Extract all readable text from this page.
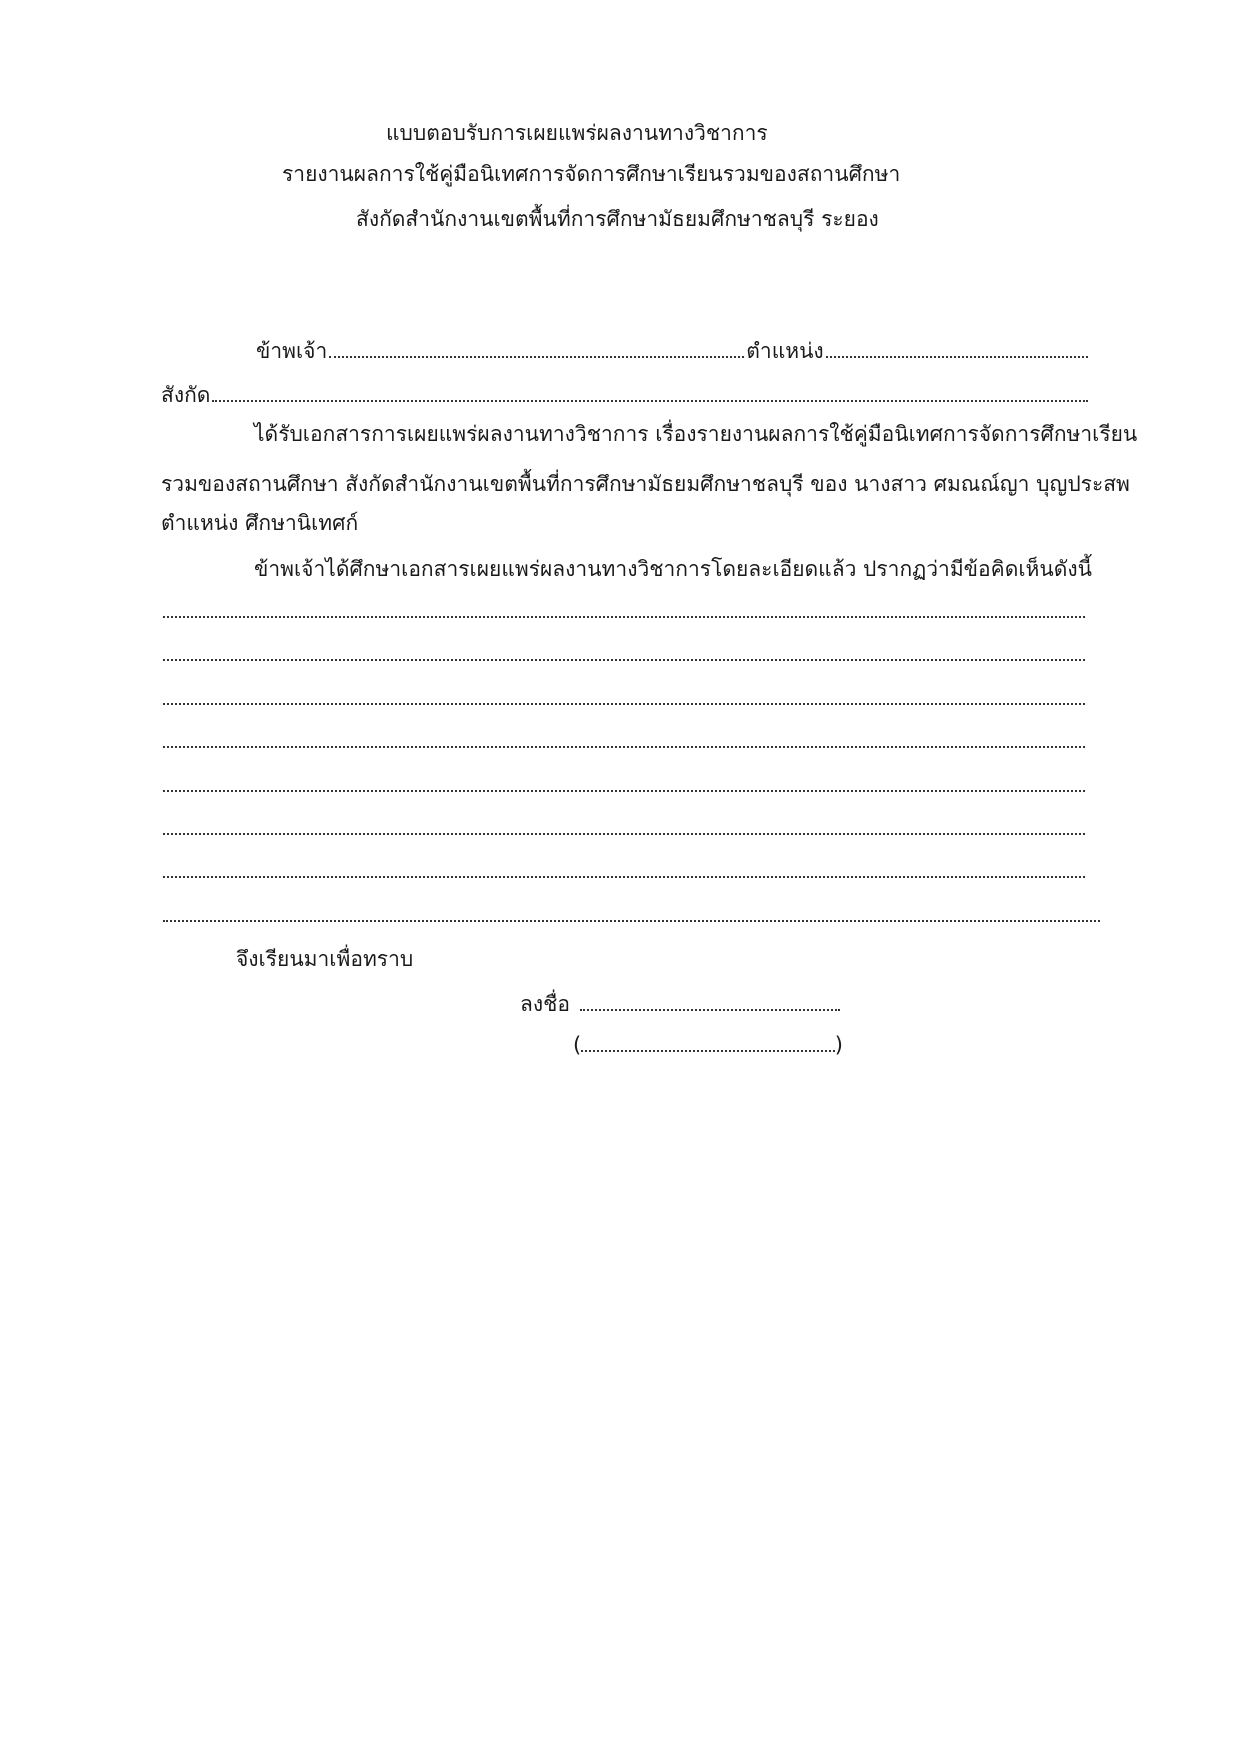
แบบตอบรับการเผยแพร่ผลงานทางวิชาการ
รายงานผลการใช้คู่มือนิเทศการจัดการศึกษาเรียนรวมของสถานศึกษา
สังกัดสำนักงานเขตพื้นที่การศึกษามัธยมศึกษาชลบุรี ระยอง
ข้าพเจ้า	ตำแหน่ง
สังกัด
ได้รับเอกสารการเผยแพร่ผลงานทางวิชาการ เรื่องรายงานผลการใช้คู่มือนิเทศการจัดการศึกษาเรียน
รวมของสถานศึกษา สังกัดสำนักงานเขตพื้นที่การศึกษามัธยมศึกษาชลบุรี ของ นางสาว ศมณณ์ญา บุญประสพ
ตำแหน่ง ศึกษานิเทศก์
ข้าพเจ้าได้ศึกษาเอกสารเผยแพร่ผลงานทางวิชาการโดยละเอียดแล้ว ปรากฏว่ามีข้อคิดเห็นดังนี้
จึงเรียนมาเพื่อทราบ
ลงชื่อ
(	)
